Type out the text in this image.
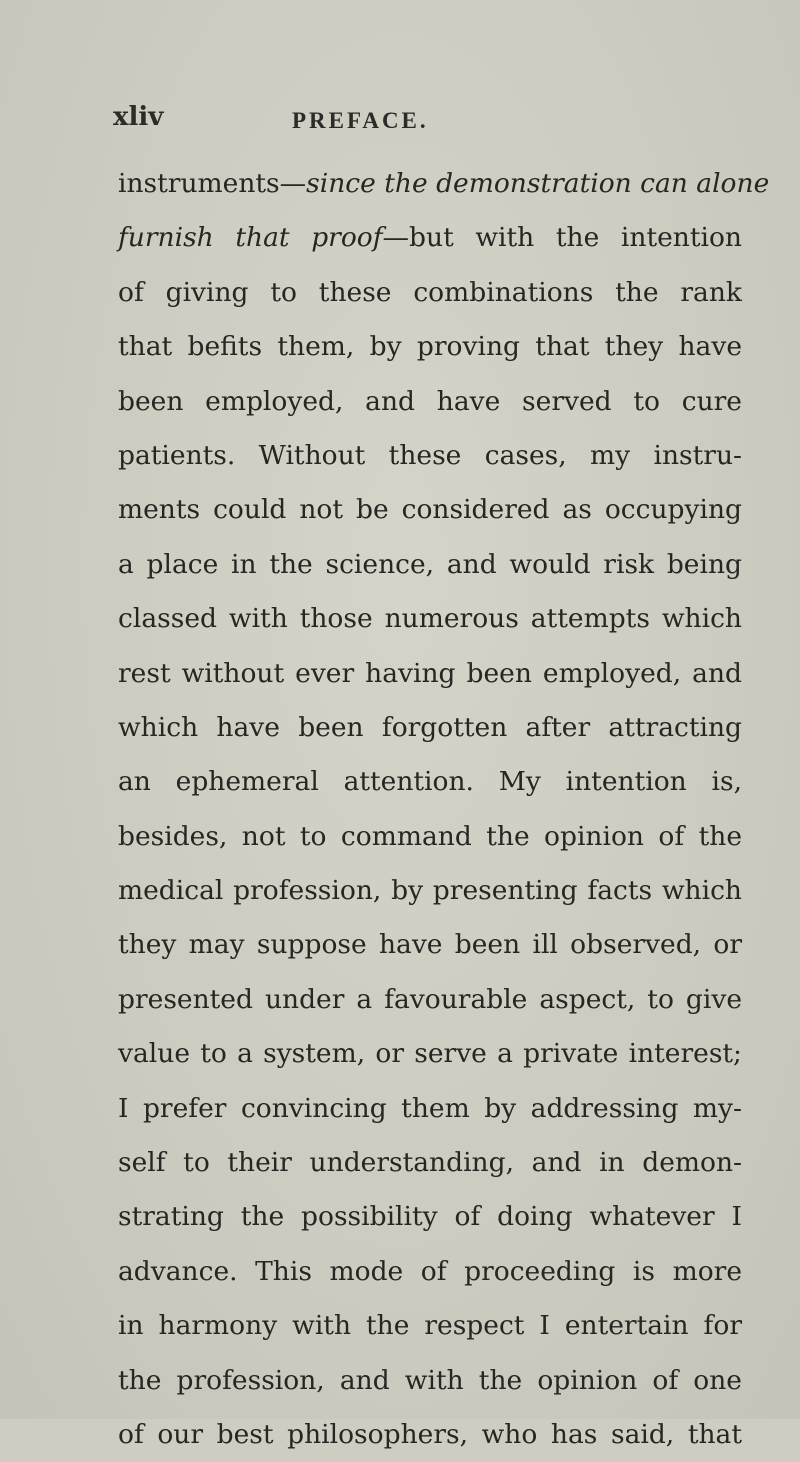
xliv	PREFACE.
instruments—since the demonstration can alone
furnish that proof—but with the intention
of giving to these combinations the rank
that befits them, by proving that they have
been employed, and have served to cure
patients. Without these cases, my instru-
ments could not be considered as occupying
a place in the science, and would risk being
classed with those numerous attempts which
rest without ever having been employed, and
which have been forgotten after attracting
an ephemeral attention. My intention is,
besides, not to command the opinion of the
medical profession, by presenting facts which
they may suppose have been ill observed, or
presented under a favourable aspect, to give
value to a system, or serve a private interest;
I prefer convincing them by addressing my-
self to their understanding, and in demon-
strating the possibility of doing whatever I
advance. This mode of proceeding is more
in harmony with the respect I entertain for
the profession, and with the opinion of one
of our best philosophers, who has said, that
